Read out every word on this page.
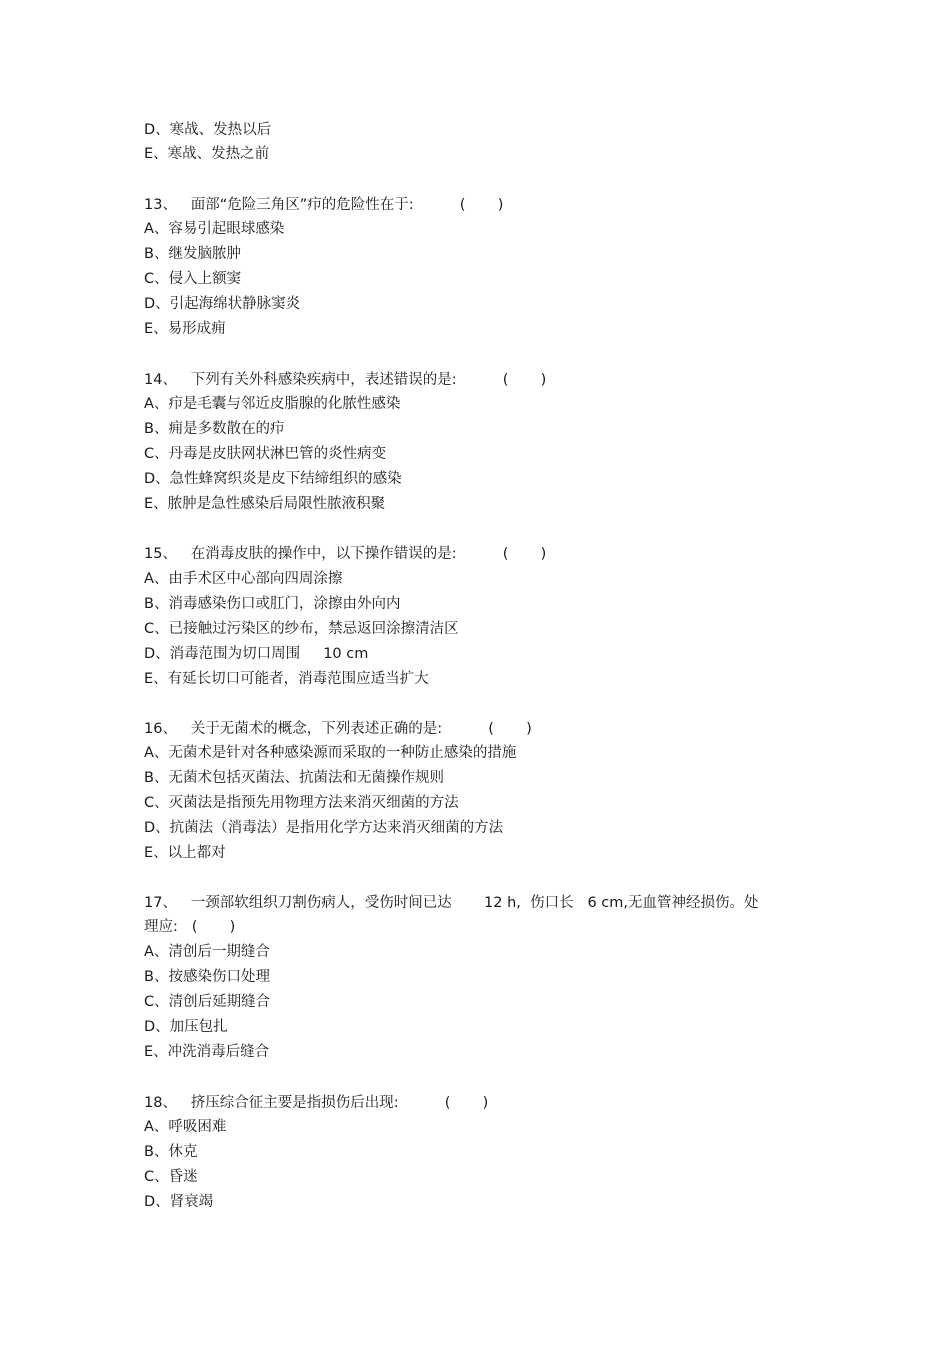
D、寒战、发热以后
E、寒战、发热之前
13、   面部“危险三角区”疖的危险性在于:          (       )
A、容易引起眼球感染
B、继发脑脓肿
C、侵入上额窦
D、引起海绵状静脉窦炎
E、易形成痈
14、   下列有关外科感染疾病中，表述错误的是:          (       )
A、疖是毛囊与邻近皮脂腺的化脓性感染
B、痈是多数散在的疖
C、丹毒是皮肤网状淋巴管的炎性病变
D、急性蜂窝织炎是皮下结缔组织的感染
E、脓肿是急性感染后局限性脓液积聚
15、   在消毒皮肤的操作中，以下操作错误的是:          (       )
A、由手术区中心部向四周涂擦
B、消毒感染伤口或肛门，涂擦由外向内
C、已接触过污染区的纱布，禁忌返回涂擦清洁区
D、消毒范围为切口周围     10 cm
E、有延长切口可能者，消毒范围应适当扩大
16、   关于无菌术的概念，下列表述正确的是:          (       )
A、无菌术是针对各种感染源而采取的一种防止感染的措施
B、无菌术包括灭菌法、抗菌法和无菌操作规则
C、灭菌法是指预先用物理方法来消灭细菌的方法
D、抗菌法（消毒法）是指用化学方达来消灭细菌的方法
E、以上都对
17、   一颈部软组织刀割伤病人，受伤时间已达       12 h,  伤口长   6 cm,无血管神经损伤。处
理应:   (       )
A、清创后一期缝合
B、按感染伤口处理
C、清创后延期缝合
D、加压包扎
E、冲洗消毒后缝合
18、   挤压综合征主要是指损伤后出现:          (       )
A、呼吸困难
B、休克
C、昏迷
D、肾衰竭
